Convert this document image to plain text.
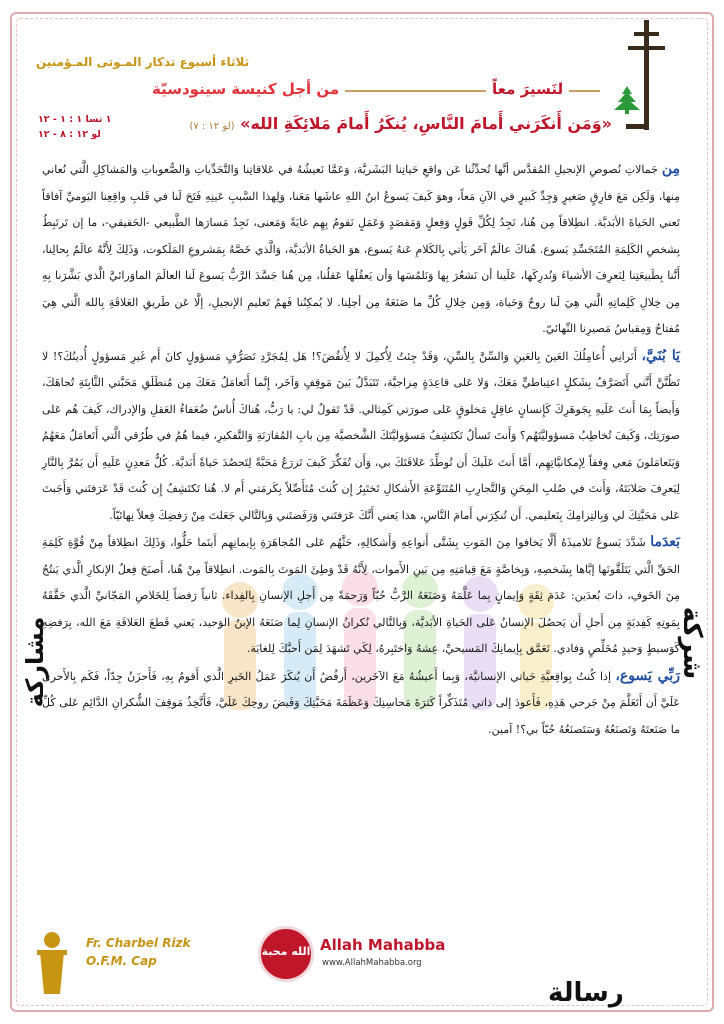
ثلاثاء أسبوع تذكار المـوتى المـؤمنين
من أجل كنيسة سينودسيّة	لنَسيرَ معاً
١ تسا ١ : ١ - ١٢
لو ١٢ : ٨ - ١٢
«وَمَن أَنكَرَني أَمامَ النَّاسِ، يُنكَرُ أَمامَ مَلائِكَةِ الله» (لو ١٢ : ٧)
شركة
مشاركة
رسالة

مِن جَمالاتِ نُصوصِ الإنجيلِ المُقدَّس أنَّها تُحدِّثُنا عَن واقعِ حَياتِنا البَشَريَّة، وَعَمَّا نَعيشُهُ في عَلاقاتِنا وَالتَّحَدِّياتِ وَالصُّعوباتِ وَالمَشاكِلِ الَّتي نُعاني مِنها، وَلَكِن مَعَ فارِقٍ صَغيرٍ وَجِدِّ كَبيرٍ في الآنِ مَعاً، وهوَ كَيفَ يَسوعُ ابنُ اللهِ عاشَها مَعَنا، وَلِهذا السَّببِ عَينِهِ فَتَحَ لَنا في قَلبِ واقِعِنا اليَوميِّ آفاقاً تَعني الحَياةَ الأبَديَّة. انطِلاقاً مِن هُنا، نَجِدُ لِكُلِّ قَولٍ وَفِعلٍ وَمَقصَدٍ وَعَمَلٍ نَقومُ بِهِم غايَةً وَمَعنى، نَجِدُ مَسارَها الطَّبيعي -الحَقيقي-، ما إن تَرتَبِطُ بِشخصِ الكَلِمَةِ المُتَجَسِّدِ يَسوع. هُناكَ عالَمٌ آخَر يَأتي بِالكَلامِ عَنهُ يَسوع، هوَ الحَياةُ الأبَديَّة، وَالَّذي خَصَّهُ بِمَشروعِ المَلَكوت، وَذَلِكَ لِأَنَّهُ عالَمٌ بِحالِنا، أَنَّنا بِطَبيعَتِنا لِنَعرِفَ الأشياءَ وَنُدرِكَها، عَلَينا أن نَشعُرَ بِها وَنَلمُسَها وَأن يَعقُلَها عَقلُنا، مِن هُنا جَسَّدَ الرَّبُّ يَسوعَ لَنا العالَمَ الماوَرائيَّ الَّذي بَشَّرَنا بِهِ مِن خِلالِ كَلِماتِهِ الَّتي هِيَ لَنا روحٌ وَحَياة، وَمِن خِلالِ كُلِّ ما صَنَعَهُ مِن أجلِنا. لا يُمكِنُنا فَهمُ تَعليمِ الإنجيلِ، إلَّا عَن طَريقِ العَلاقَةِ بِالله الَّتي هِيَ مُفتاحُ وَمِقياسُ مَصيرِنا النِّهائيّ.

يَا بُنَيَّ، أَتَرانِي أُعامِلُكَ العَينَ بِالعَينِ وَالسِّنَّ بِالسِّنِ، وَقَدْ جِئتُ لِأُكمِلَ لا لِأُنقُضَ؟! هَل لِمُجَرَّدِ تَصَرُّفٍ مَسؤولٍ كانَ أَم غَيرِ مَسؤولٍ أُدينُكَ؟! لا تَظُنَّنَّ أَنَّني أَتَصَرَّفُ بِشَكلٍ اعتِباطيٍّ مَعَكَ، وَلا عَلى قاعِدَةٍ مِزاجيَّة، تَتَبَدَّلُ بَينَ مَوقِفٍ وَآخَر، إِنَّما أَتَعامَلُ مَعَكَ مِن مُنطَلَقِ مَحَبَّتي الثَّابِتَةِ تُجاهَكَ، وَأَيضاً بِمَا أَنتَ عَلَيهِ بِجَوهَرِكَ كَإِنسانٍ عاقِلٍ مَخلوقٍ عَلى صورَتي كَمِثالي. قَدْ تَقولُ لي: يا رَبُّ، هُناكَ أُناسٌ ضُعَفاءُ العَقلِ وَالإدراك، كَيفَ هُم عَلى صورَتِك، وَكَيفَ تُخاطِبُ مَسؤوليَّتَهُم؟ وَأَنتَ تَسألُ تَكتَشِفُ مَسؤوليَّتَكَ الشَّخصيَّة مِن بابِ المُقارَنَةِ وَالتَّفكيرِ، فيما هُمُ في طُرُقي الَّتي أَتَعامَلُ مَعَهُمُ وَيَتَعامَلونَ مَعي وِفقاً لِإمكانيَّاتِهِم، أَمَّا أَنتَ عَلَيكَ أَن تُوطِّدَ عَلاقَتَكَ بي، وَأَن تُفَكِّرَ كَيفَ تَزرَعُ مَحَبَّةً لِتَحصُدَ حَياةً أَبَديَّة. كُلُّ مَعدِنٍ عَلَيهِ أَن يَمُرَّ بِالنَّارِ لِيَعرِفَ صَلابَتَهُ، وَأَنتَ في صُلبِ المِحَنِ وَالتَّجارِبِ المُتَنَوِّعَةِ الأَشكالِ تَختَبِرُ إِن كُنتَ مُتَأَصِّلاً بِكَرمَتي أَم لا. هُنا تَكتَشِفُ إِن كُنتَ قَدْ عَرَفتَني وَأَجَبتَ عَلى مَحَبَّتِكَ لي وَبِالتِزامِكَ بِتَعليمي. أَن تُنكِرَني أَمامَ النَّاسِ، هذا يَعني أَنَّكَ عَرَفتَني وَرَفَضتَني وَبِالتَّالي جَعَلتَ مِنْ رَفضِكَ فِعلاً نِهائيّاً.

بَعدَما شَدَّدَ يَسوعُ تَلاميذَهُ أَلَّا يَخافوا مِنَ المَوتِ بِشَتَّى أَنواعِهِ وَأَشكالِهِ، حَثَّهُم عَلى المُجاهَرَةِ بِإيمانِهِم أَينَما حَلُّوا، وَذَلِكَ انطِلاقاً مِنْ قُوَّةِ كَلِمَةِ الحَقِّ الَّتي يَتَلَقَّونَها إيَّاها بِشَخصِهِ، وَبِخاصَّةٍ مَعَ قِيامَتِهِ مِن بَينِ الأَموات، لِأَنَّهُ قَدْ وَطِئَ المَوتَ بِالمَوت. انطِلاقاً مِنْ هُنا، أَصبَحَ فِعلُ الإنكارِ الَّذي يَنتُجُ مِنَ الخَوفِ، ذاتَ بُعدَين: عَدَمَ ثِقَةٍ وَإيمانٍ بِما عَلَّمَهُ وَصَنَعَهُ الرَّبُّ حُبّاً وَرَحمَةً مِن أَجلِ الإنسانِ بِالفِداء. ثانياً رَفضاً لِلخَلاصِ المَجّانيِّ الَّذي حَقَّقَهُ بِمَوتِهِ كَفِديَةٍ مِن أَجلِ أَن يَحصُلَ الإنسانُ عَلى الحَياةِ الأبَديَّة، وَبِالتَّالي نُكرانُ الإنسانِ لِما صَنَعَهُ الإبنُ الوَحيد، يَعني قَطعَ العَلاقَةِ مَعَ الله، بِرَفضِهِ كَوَسيطٍ وَحيدٍ مُخَلِّصٍ وَفادي. تَعَمَّق بِإيمانِكَ المَسيحيِّ، عِشهُ وَاختَبِرهُ، لِكَي تَشهَدَ لِمَن أَحبَّكَ لِلغايَة.

رَبِّي يَسوع، إذا كُنتُ بِواقِعيَّةِ حَياتي الإنسانيَّة، وَبِما أَعيشُهُ مَعَ الآخَرين، أَرفُضُ أَن يُنكَرَ عَمَلُ الخَيرِ الَّذي أَقومُ بِهِ، فَأَحزَنُ جِدّاً، فَكَم بِالأَحرى عَلَيَّ أَن أَتَعَلَّمَ مِنْ جَرحي هَذِهِ، فَأَعودَ إلى ذاتي مُتَذَكِّراً كَثرَةَ مَحاسِنِكَ وَعَظَمَةَ مَحَبَّتِكَ وَفَيضَ روحِكَ عَلَيَّ، فَأَتَّخِذُ مَوقِفَ الشُّكرانِ الدَّائِمِ عَلى كُلِّ ما صَنَعتَهُ وَتَصنَعُهُ وَسَتَصنَعُهُ حُبّاً بي؟! آمين.

Fr. Charbel Rizk
O.F.M. Cap
الله محبة Allah Mahabba
www.AllahMahabba.org
